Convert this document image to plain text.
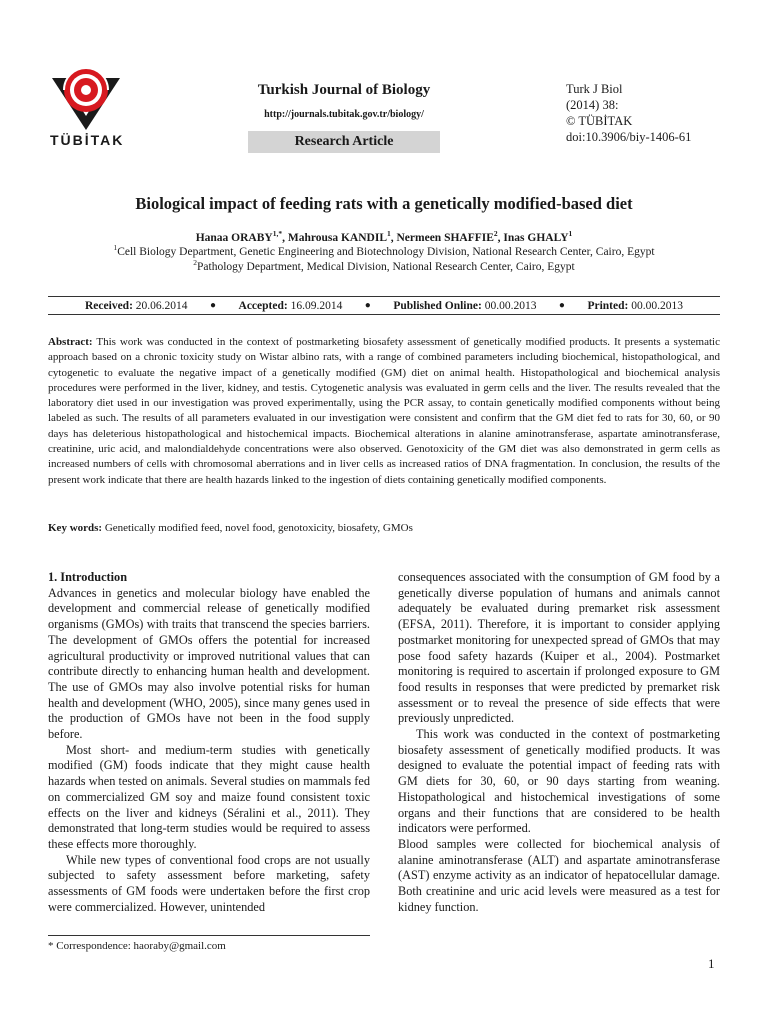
TÜBİTAK
Turkish Journal of Biology
http://journals.tubitak.gov.tr/biology/
Research Article
Turk J Biol
(2014) 38:
© TÜBİTAK
doi:10.3906/biy-1406-61
Biological impact of feeding rats with a genetically modified-based diet
Hanaa $ORABY^{1,*}$, Mahrousa KANDIL$^1$, Nermeen SHAFFIE$^2$, Inas GHALY$^1$
$^1$Cell Biology Department, Genetic Engineering and Biotechnology Division, National Research Center, Cairo, Egypt
$^2$Pathology Department, Medical Division, National Research Center, Cairo, Egypt
Received: 20.06.2014 ● Accepted: 16.09.2014 ● Published Online: 00.00.2013 ● Printed: 00.00.2013
Abstract: This work was conducted in the context of postmarketing biosafety assessment of genetically modified products. It presents a systematic approach based on a chronic toxicity study on Wistar albino rats, with a range of combined parameters including biochemical, histopathological, and cytogenetic to evaluate the negative impact of a genetically modified (GM) diet on animal health. Histopathological and biochemical analysis procedures were performed in the liver, kidney, and testis. Cytogenetic analysis was evaluated in germ cells and the liver. The results revealed that the laboratory diet used in our investigation was proved experimentally, using the PCR assay, to contain genetically modified components without being labeled as such. The results of all parameters evaluated in our investigation were consistent and confirm that the GM diet fed to rats for 30, 60, or 90 days has deleterious histopathological and histochemical impacts. Biochemical alterations in alanine aminotransferase, aspartate aminotransferase, creatinine, uric acid, and malondialdehyde concentrations were also observed. Genotoxicity of the GM diet was also demonstrated in germ cells as increased numbers of cells with chromosomal aberrations and in liver cells as increased ratios of DNA fragmentation. In conclusion, the results of the present work indicate that there are health hazards linked to the ingestion of diets containing genetically modified components.
Key words: Genetically modified feed, novel food, genotoxicity, biosafety, GMOs

1. Introduction

Advances in genetics and molecular biology have enabled the development and commercial release of genetically modified organisms (GMOs) with traits that transcend the species barriers. The development of GMOs offers the potential for increased agricultural productivity or improved nutritional values that can contribute directly to enhancing human health and development. The use of GMOs may also involve potential risks for human health and development (WHO, 2005), since many genes used in the production of GMOs have not been in the food supply before.

Most short- and medium-term studies with genetically modified (GM) foods indicate that they might cause health hazards when tested on animals. Several studies on mammals fed on commercialized GM soy and maize found consistent toxic effects on the liver and kidneys (Séralini et al., 2011). They demonstrated that long-term studies would be required to assess these effects more thoroughly.

While new types of conventional food crops are not usually subjected to safety assessment before marketing, safety assessments of GM foods were undertaken before the first crop were commercialized. However, unintended

consequences associated with the consumption of GM food by a genetically diverse population of humans and animals cannot adequately be evaluated during premarket risk assessment (EFSA, 2011). Therefore, it is important to consider applying postmarket monitoring for unexpected spread of GMOs that may pose food safety hazards (Kuiper et al., 2004). Postmarket monitoring is required to ascertain if prolonged exposure to GM food results in responses that were predicted by premarket risk assessment or to reveal the presence of side effects that were previously unpredicted.

This work was conducted in the context of postmarketing biosafety assessment of genetically modified products. It was designed to evaluate the potential impact of feeding rats with GM diets for 30, 60, or 90 days starting from weaning. Histopathological and histochemical investigations of some organs and their functions that are considered to be health indicators were performed.

Blood samples were collected for biochemical analysis of alanine aminotransferase (ALT) and aspartate aminotransferase (AST) enzyme activity as an indicator of hepatocellular damage. Both creatinine and uric acid levels were measured as a test for kidney function.

* Correspondence: haoraby@gmail.com
1
